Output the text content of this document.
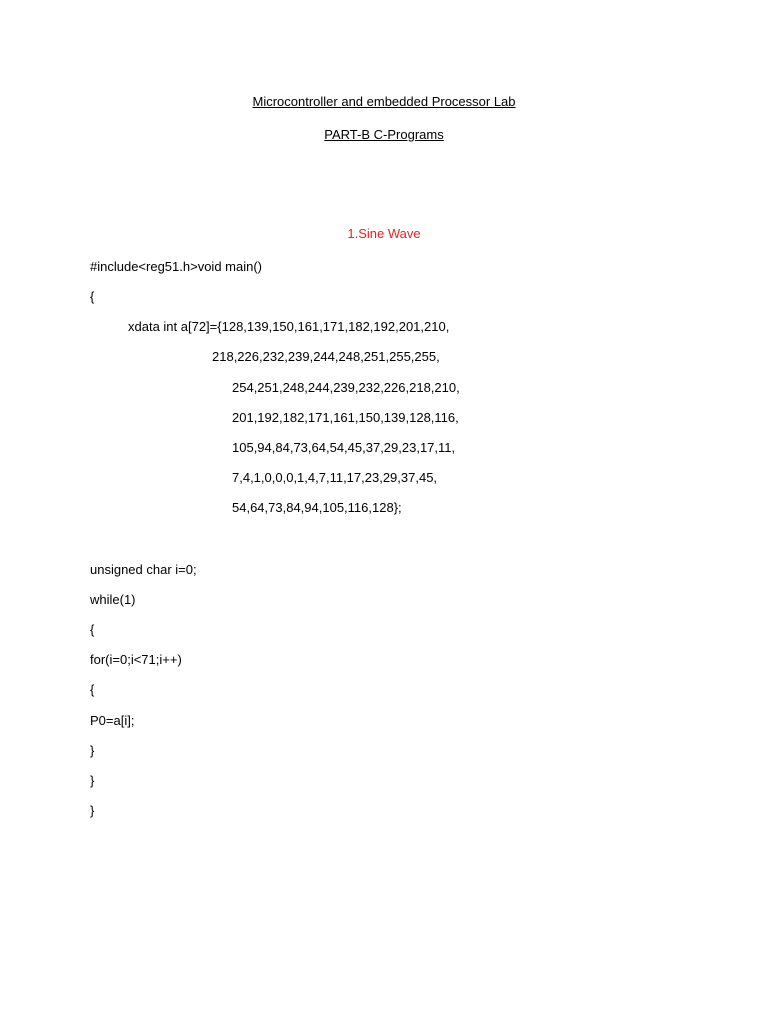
Microcontroller and embedded Processor Lab
PART-B C-Programs
1.Sine Wave
#include<reg51.h>void main()
{
xdata int a[72]={128,139,150,161,171,182,192,201,210,
218,226,232,239,244,248,251,255,255,
254,251,248,244,239,232,226,218,210,
201,192,182,171,161,150,139,128,116,
105,94,84,73,64,54,45,37,29,23,17,11,
7,4,1,0,0,0,1,4,7,11,17,23,29,37,45,
54,64,73,84,94,105,116,128};
unsigned char i=0;
while(1)
{
for(i=0;i<71;i++)
{
P0=a[i];
}
}
}
